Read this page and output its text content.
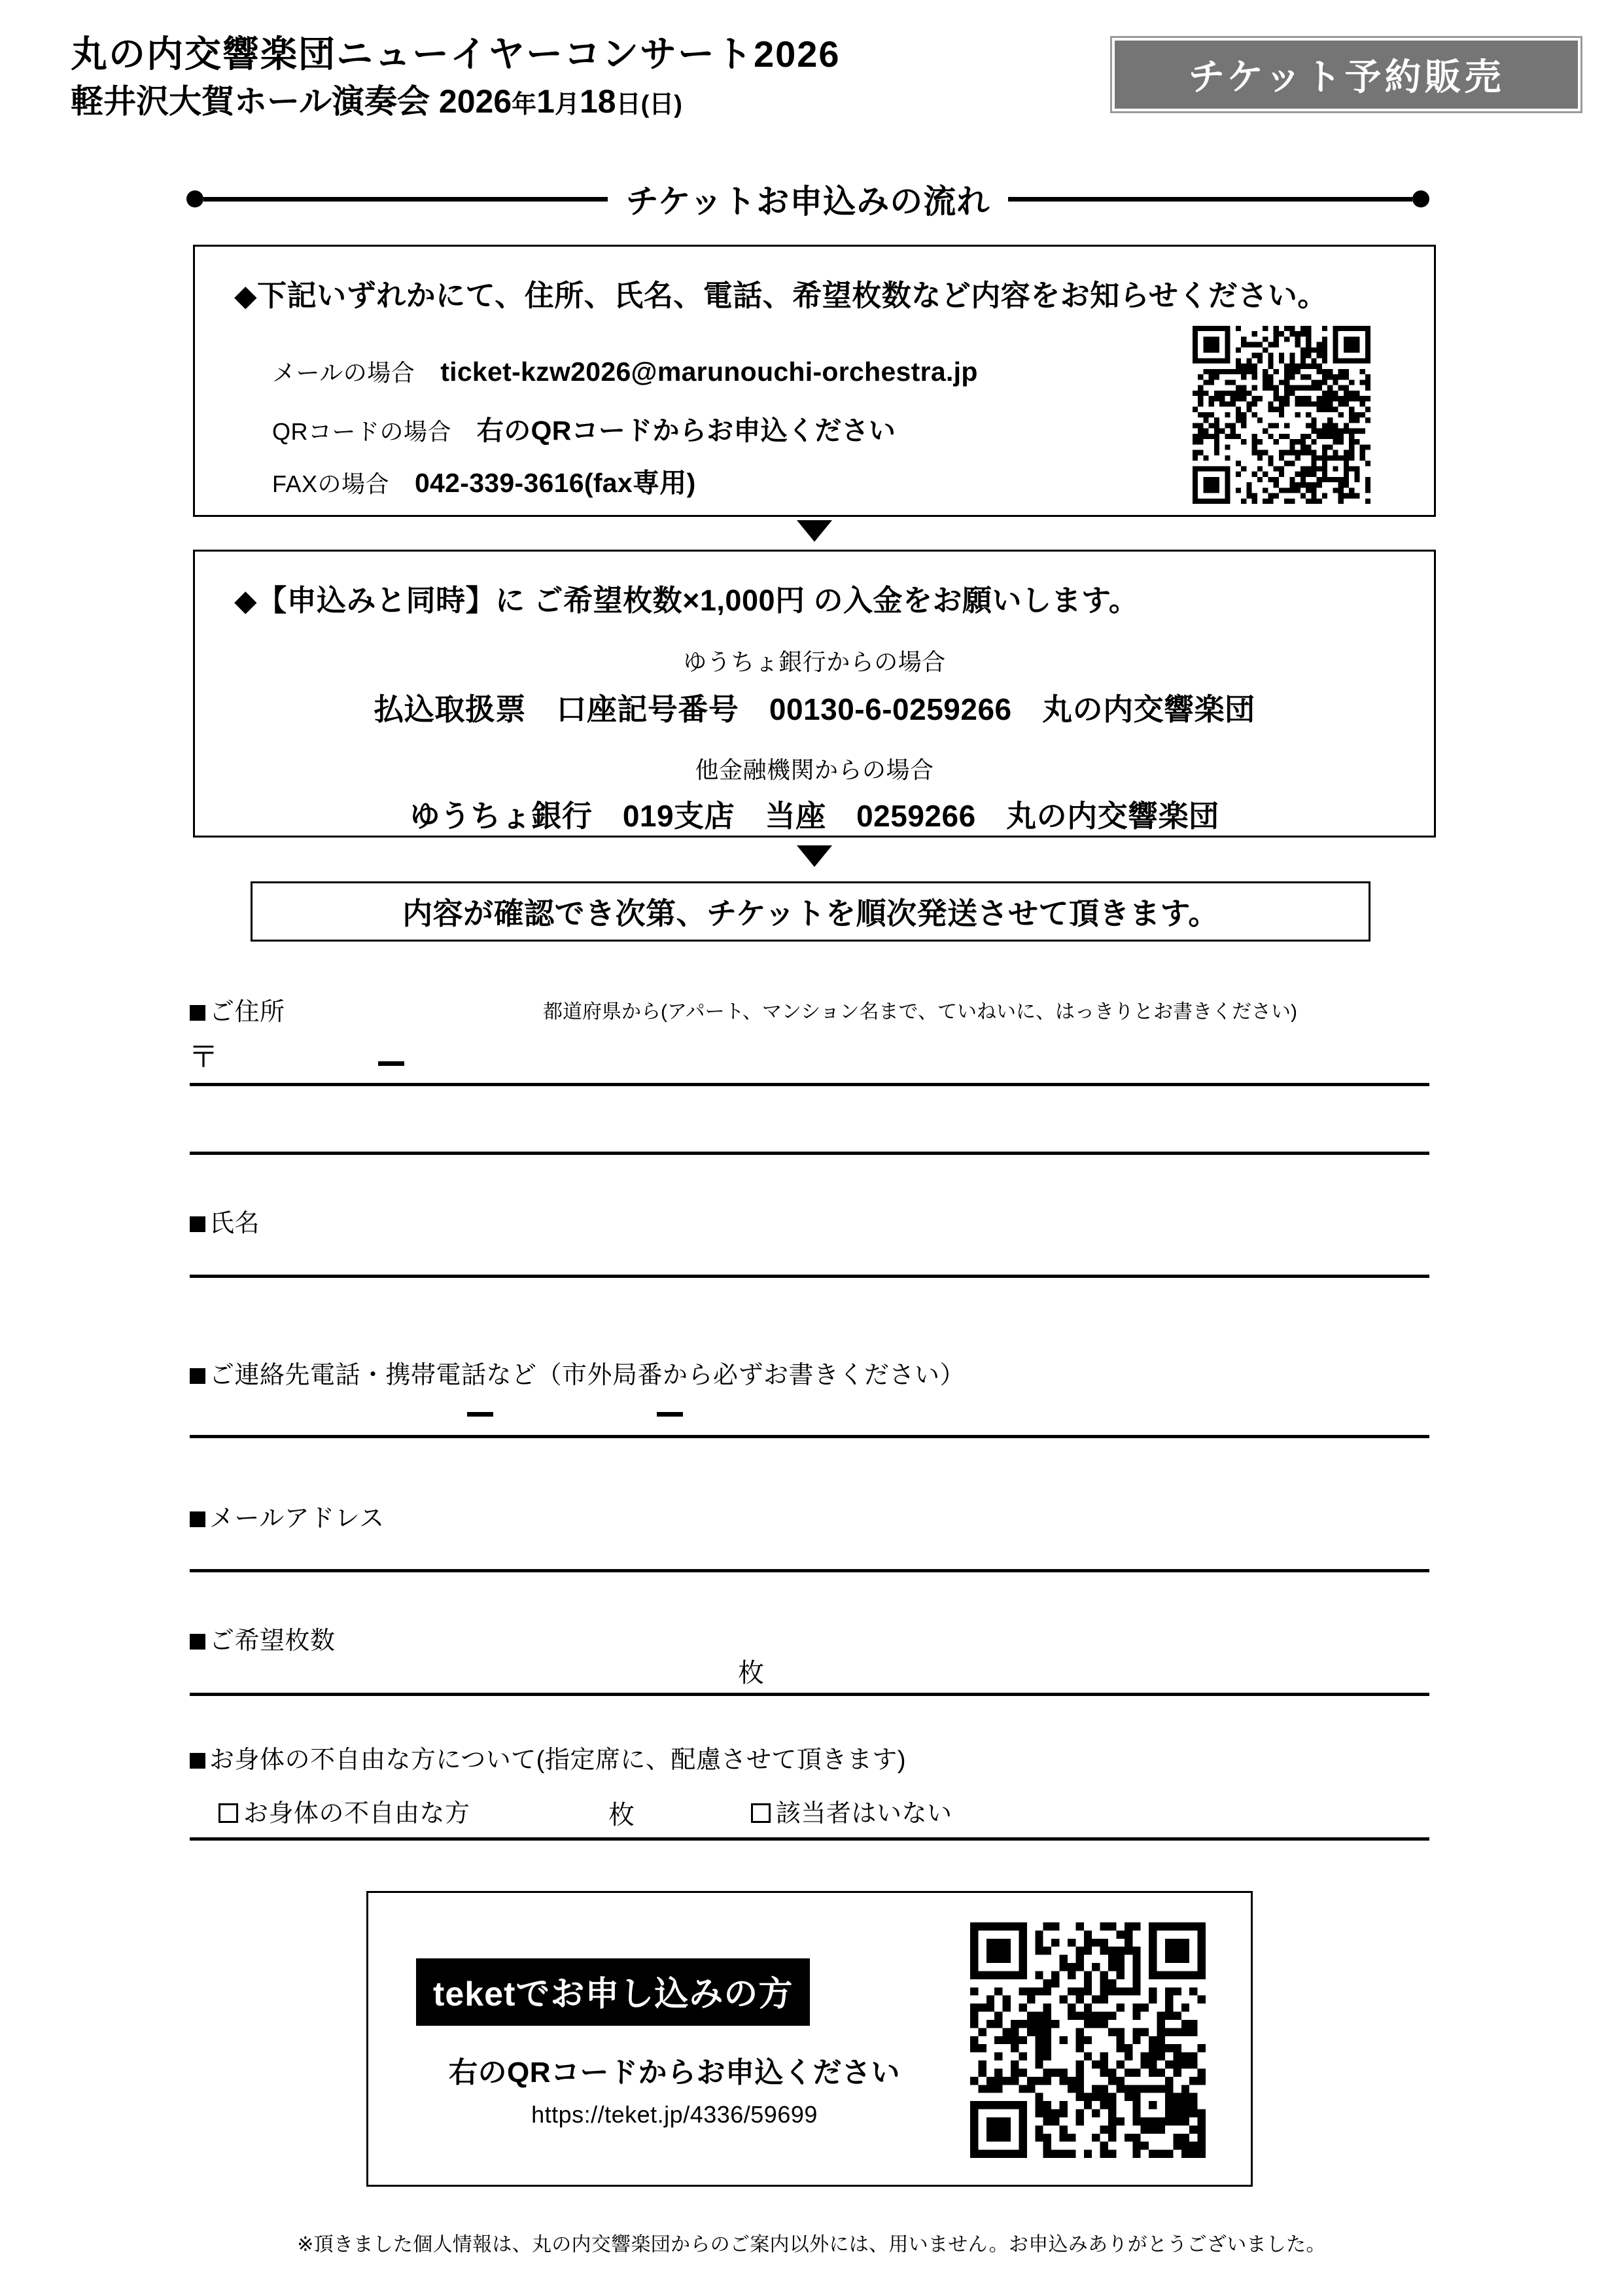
丸の内交響楽団ニューイヤーコンサート2026
軽井沢大賀ホール演奏会 2026年1月18日(日)
チケット予約販売
チケットお申込みの流れ
◆下記いずれかにて、住所、氏名、電話、希望枚数など内容をお知らせください。
メールの場合 ticket-kzw2026@marunouchi-orchestra.jp
QRコードの場合 右のQRコードからお申込ください
FAXの場合 042-339-3616(fax専用)
◆【申込みと同時】に ご希望枚数×1,000円 の入金をお願いします。
ゆうちょ銀行からの場合
払込取扱票　口座記号番号　00130-6-0259266　丸の内交響楽団
他金融機関からの場合
ゆうちょ銀行　019支店　当座　0259266　丸の内交響楽団
内容が確認でき次第、チケットを順次発送させて頂きます。
ご住所	都道府県から(アパート、マンション名まで、ていねいに、はっきりとお書きください)
〒
氏名
ご連絡先電話・携帯電話など（市外局番から必ずお書きください）
メールアドレス
ご希望枚数
枚
お身体の不自由な方について(指定席に、配慮させて頂きます)
お身体の不自由な方	枚	該当者はいない
teketでお申し込みの方
右のQRコードからお申込ください
https://teket.jp/4336/59699
※頂きました個人情報は、丸の内交響楽団からのご案内以外には、用いません。お申込みありがとうございました。
